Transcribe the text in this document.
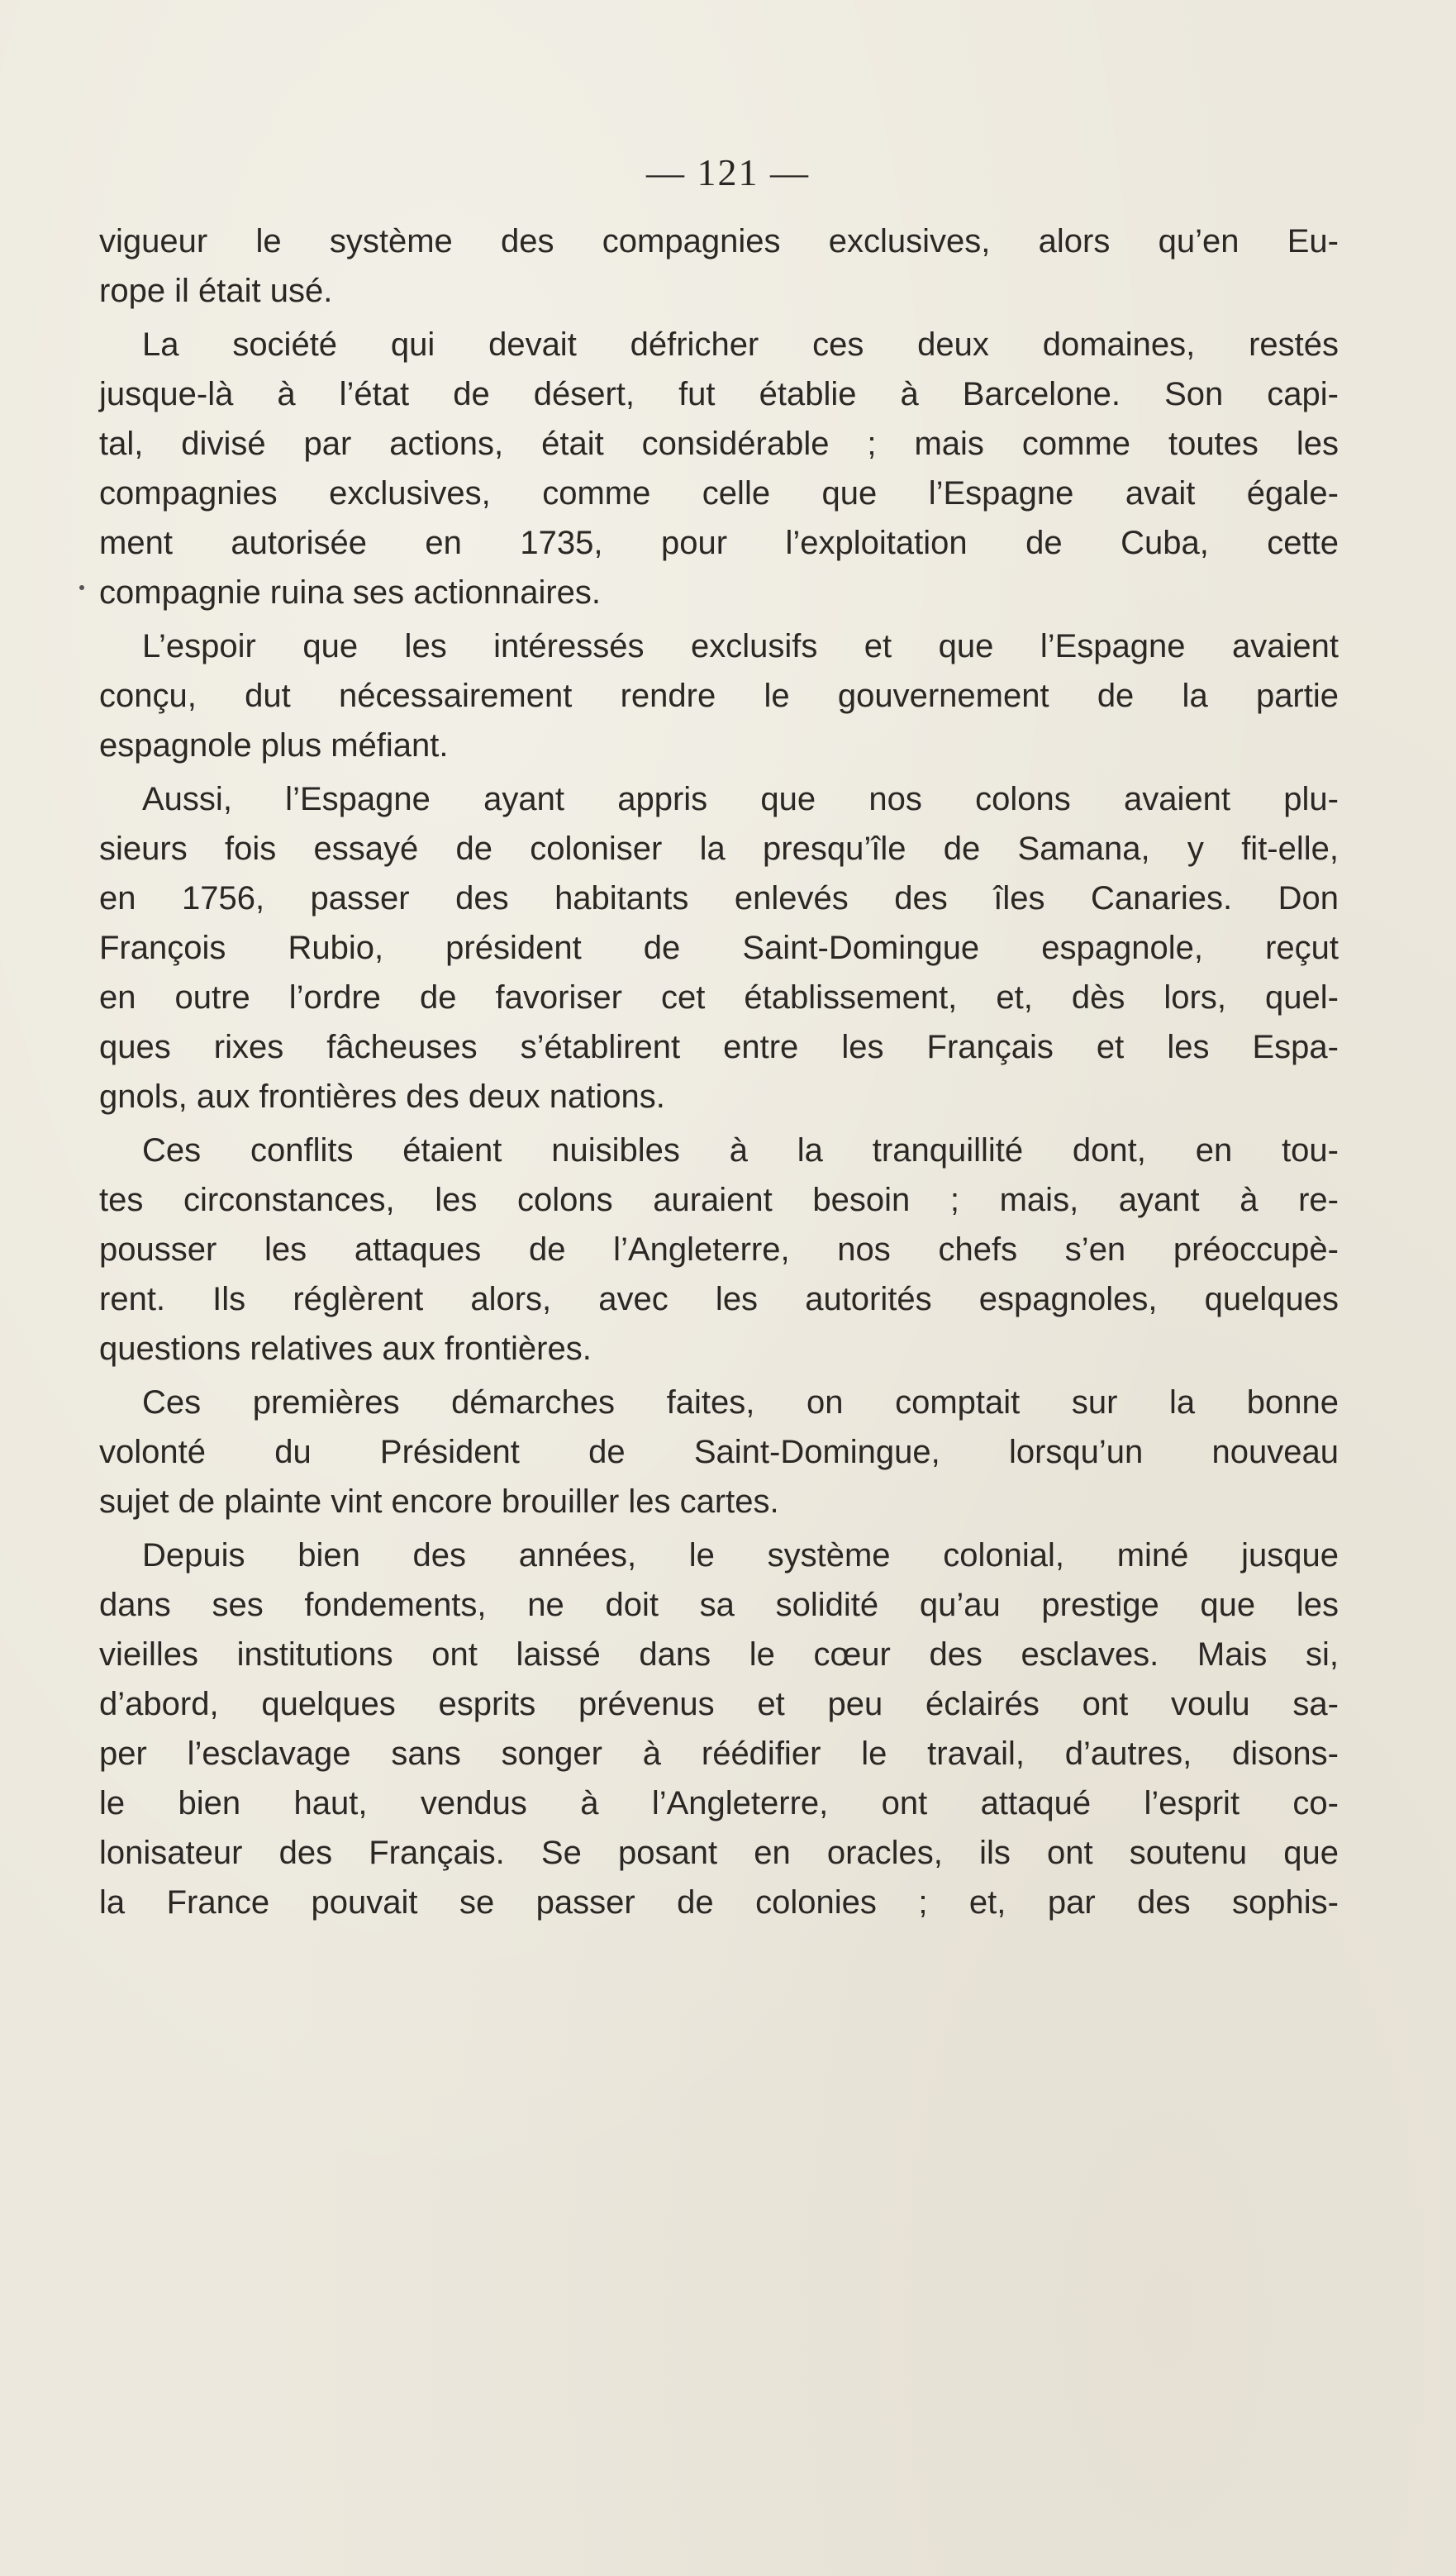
— 121 —
vigueur le système des compagnies exclusives, alors qu’en Eu-
rope il était usé.
La société qui devait défricher ces deux domaines, restés
jusque-là à l’état de désert, fut établie à Barcelone. Son capi-
tal, divisé par actions, était considérable ; mais comme toutes les
compagnies exclusives, comme celle que l’Espagne avait égale-
ment autorisée en 1735, pour l’exploitation de Cuba, cette
compagnie ruina ses actionnaires.
L’espoir que les intéressés exclusifs et que l’Espagne avaient
conçu, dut nécessairement rendre le gouvernement de la partie
espagnole plus méfiant.
Aussi, l’Espagne ayant appris que nos colons avaient plu-
sieurs fois essayé de coloniser la presqu’île de Samana, y fit-elle,
en 1756, passer des habitants enlevés des îles Canaries. Don
François Rubio, président de Saint-Domingue espagnole, reçut
en outre l’ordre de favoriser cet établissement, et, dès lors, quel-
ques rixes fâcheuses s’établirent entre les Français et les Espa-
gnols, aux frontières des deux nations.
Ces conflits étaient nuisibles à la tranquillité dont, en tou-
tes circonstances, les colons auraient besoin ; mais, ayant à re-
pousser les attaques de l’Angleterre, nos chefs s’en préoccupè-
rent. Ils réglèrent alors, avec les autorités espagnoles, quelques
questions relatives aux frontières.
Ces premières démarches faites, on comptait sur la bonne
volonté du Président de Saint-Domingue, lorsqu’un nouveau
sujet de plainte vint encore brouiller les cartes.
Depuis bien des années, le système colonial, miné jusque
dans ses fondements, ne doit sa solidité qu’au prestige que les
vieilles institutions ont laissé dans le cœur des esclaves. Mais si,
d’abord, quelques esprits prévenus et peu éclairés ont voulu sa-
per l’esclavage sans songer à réédifier le travail, d’autres, disons-
le bien haut, vendus à l’Angleterre, ont attaqué l’esprit co-
lonisateur des Français. Se posant en oracles, ils ont soutenu que
la France pouvait se passer de colonies ; et, par des sophis-
